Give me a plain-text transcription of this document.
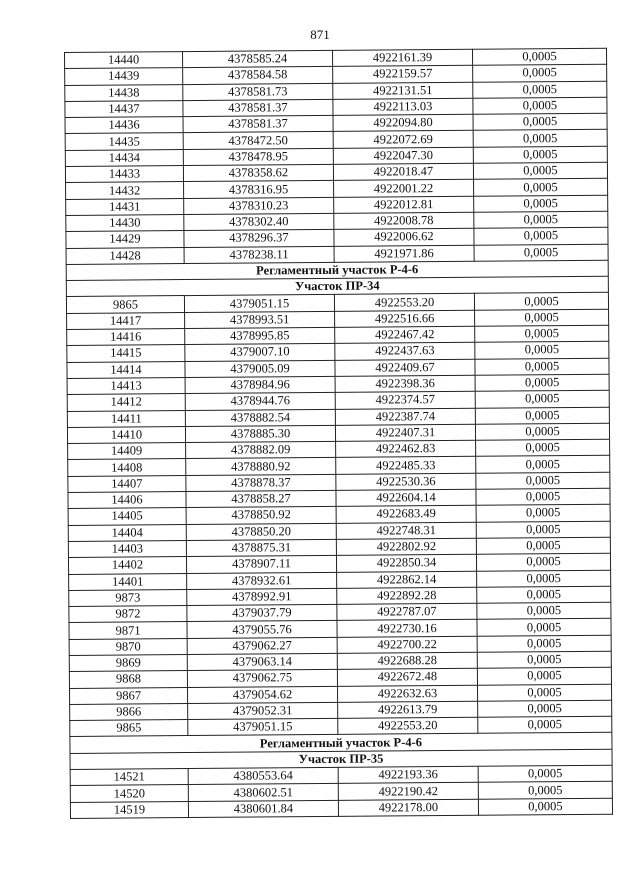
871
14440	4378585.24	4922161.39	0,0005
14439	4378584.58	4922159.57	0,0005
14438	4378581.73	4922131.51	0,0005
14437	4378581.37	4922113.03	0,0005
14436	4378581.37	4922094.80	0,0005
14435	4378472.50	4922072.69	0,0005
14434	4378478.95	4922047.30	0,0005
14433	4378358.62	4922018.47	0,0005
14432	4378316.95	4922001.22	0,0005
14431	4378310.23	4922012.81	0,0005
14430	4378302.40	4922008.78	0,0005
14429	4378296.37	4922006.62	0,0005
14428	4378238.11	4921971.86	0,0005
Регламентный участок Р-4-6			
Участок ПР-34			
9865	4379051.15	4922553.20	0,0005
14417	4378993.51	4922516.66	0,0005
14416	4378995.85	4922467.42	0,0005
14415	4379007.10	4922437.63	0,0005
14414	4379005.09	4922409.67	0,0005
14413	4378984.96	4922398.36	0,0005
14412	4378944.76	4922374.57	0,0005
14411	4378882.54	4922387.74	0,0005
14410	4378885.30	4922407.31	0,0005
14409	4378882.09	4922462.83	0,0005
14408	4378880.92	4922485.33	0,0005
14407	4378878.37	4922530.36	0,0005
14406	4378858.27	4922604.14	0,0005
14405	4378850.92	4922683.49	0,0005
14404	4378850.20	4922748.31	0,0005
14403	4378875.31	4922802.92	0,0005
14402	4378907.11	4922850.34	0,0005
14401	4378932.61	4922862.14	0,0005
9873	4378992.91	4922892.28	0,0005
9872	4379037.79	4922787.07	0,0005
9871	4379055.76	4922730.16	0,0005
9870	4379062.27	4922700.22	0,0005
9869	4379063.14	4922688.28	0,0005
9868	4379062.75	4922672.48	0,0005
9867	4379054.62	4922632.63	0,0005
9866	4379052.31	4922613.79	0,0005
9865	4379051.15	4922553.20	0,0005
Регламентный участок Р-4-6			
Участок ПР-35			
14521	4380553.64	4922193.36	0,0005
14520	4380602.51	4922190.42	0,0005
14519	4380601.84	4922178.00	0,0005
